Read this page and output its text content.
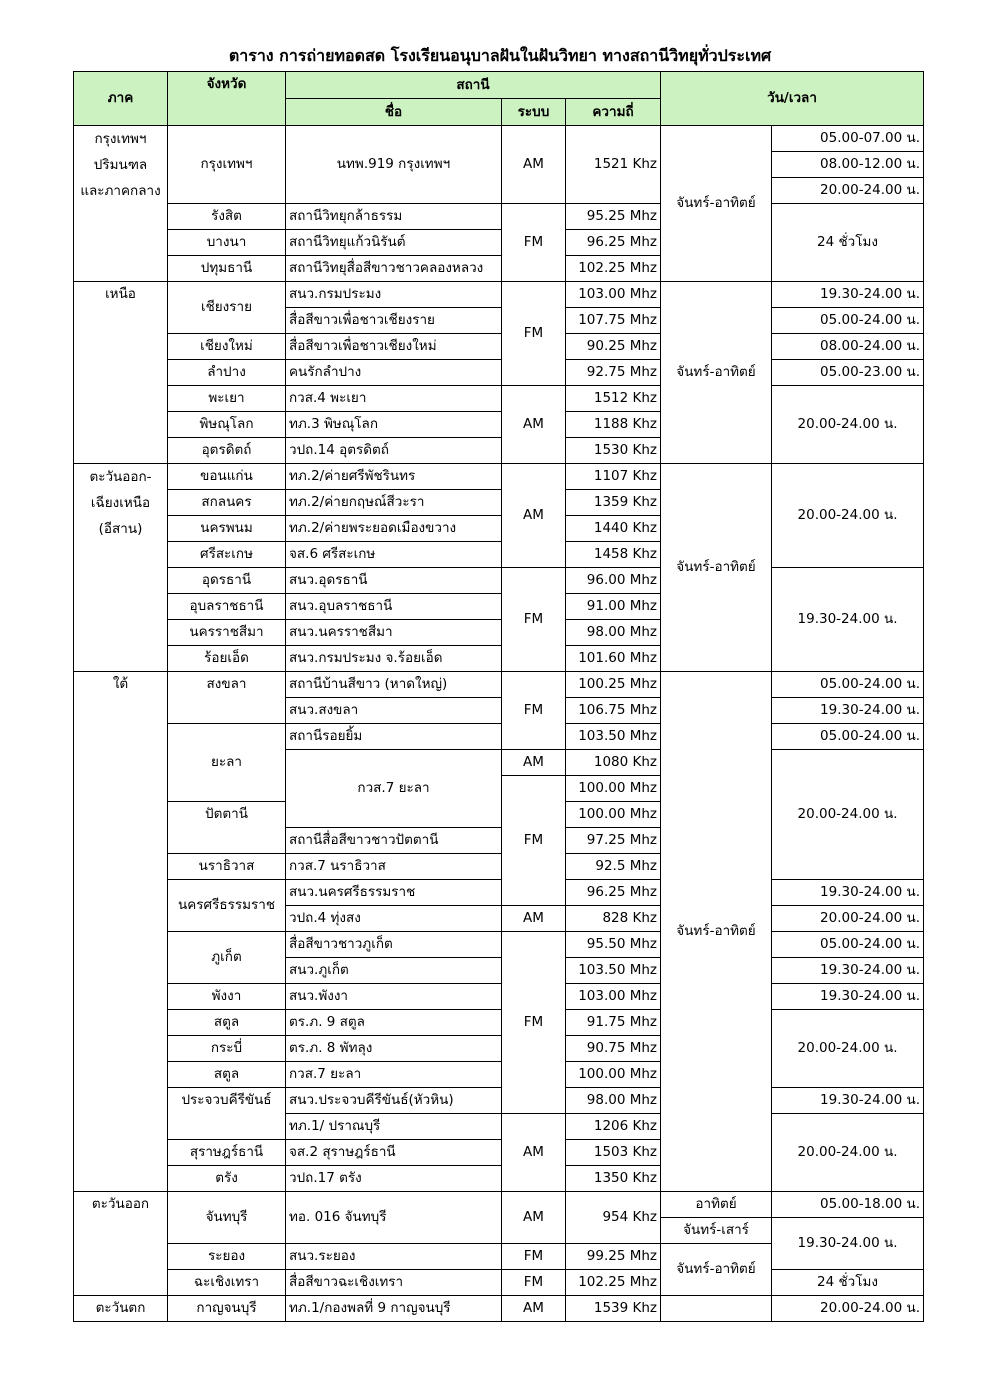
ตาราง การถ่ายทอดสด โรงเรียนอนุบาลฝันในฝันวิทยา ทางสถานีวิทยุทั่วประเทศ
ภาค	จังหวัด	สถานี			วัน/เวลา	
		ชื่อ	ระบบ	ความถี่		

กรุงเทพฯ
ปริมนฑล
และภาคกลาง	กรุงเทพฯ	นทพ.919 กรุงเทพฯ	AM	1521 Khz	จันทร์-อาทิตย์	05.00-07.00 น.
						08.00-12.00 น.
						20.00-24.00 น.
	รังสิต	สถานีวิทยุกล้าธรรม	FM	95.25 Mhz		24 ชั่วโมง
	บางนา	สถานีวิทยุแก้วนิรันต์		96.25 Mhz		
	ปทุมธานี	สถานีวิทยุสื่อสีขาวชาวคลองหลวง		102.25 Mhz		
เหนือ	เชียงราย	สนว.กรมประมง	FM	103.00 Mhz	จันทร์-อาทิตย์	19.30-24.00 น.
		สื่อสีขาวเพื่อชาวเชียงราย		107.75 Mhz		05.00-24.00 น.
	เชียงใหม่	สื่อสีขาวเพื่อชาวเชียงใหม่		90.25 Mhz		08.00-24.00 น.
	ลำปาง	คนรักลำปาง		92.75 Mhz		05.00-23.00 น.
	พะเยา	กวส.4 พะเยา	AM	1512 Khz		20.00-24.00 น.
	พิษณุโลก	ทภ.3 พิษณุโลก		1188 Khz		
	อุตรดิตถ์	วปถ.14 อุตรดิตถ์		1530 Khz		

ตะวันออก-
เฉียงเหนือ
(อีสาน)	ขอนแก่น	ทภ.2/ค่ายศรีพัชรินทร	AM	1107 Khz	จันทร์-อาทิตย์	20.00-24.00 น.
	สกลนคร	ทภ.2/ค่ายกฤษณ์สีวะรา		1359 Khz		
	นครพนม	ทภ.2/ค่ายพระยอดเมืองขวาง		1440 Khz		
	ศรีสะเกษ	จส.6 ศรีสะเกษ		1458 Khz		
	อุดรธานี	สนว.อุดรธานี	FM	96.00 Mhz		19.30-24.00 น.
	อุบลราชธานี	สนว.อุบลราชธานี		91.00 Mhz		
	นครราชสีมา	สนว.นครราชสีมา		98.00 Mhz		
	ร้อยเอ็ด	สนว.กรมประมง จ.ร้อยเอ็ด		101.60 Mhz		
ใต้	สงขลา	สถานีบ้านสีขาว (หาดใหญ่)	FM	100.25 Mhz	จันทร์-อาทิตย์	05.00-24.00 น.
		สนว.สงขลา		106.75 Mhz		19.30-24.00 น.
	ยะลา	สถานีรอยยิ้ม		103.50 Mhz		05.00-24.00 น.
		กวส.7 ยะลา	AM	1080 Khz		20.00-24.00 น.
			FM	100.00 Mhz		
	ปัตตานี			100.00 Mhz		
		สถานีสื่อสีขาวชาวปัตตานี		97.25 Mhz		
	นราธิวาส	กวส.7 นราธิวาส		92.5 Mhz		
	นครศรีธรรมราช	สนว.นครศรีธรรมราช		96.25 Mhz		19.30-24.00 น.
		วปถ.4 ทุ่งสง	AM	828 Khz		20.00-24.00 น.
	ภูเก็ต	สื่อสีขาวชาวภูเก็ต	FM	95.50 Mhz		05.00-24.00 น.
		สนว.ภูเก็ต		103.50 Mhz		19.30-24.00 น.
	พังงา	สนว.พังงา		103.00 Mhz		19.30-24.00 น.
	สตูล	ตร.ภ. 9 สตูล		91.75 Mhz		20.00-24.00 น.
	กระบี่	ตร.ภ. 8 พัทลุง		90.75 Mhz		
	สตูล	กวส.7 ยะลา		100.00 Mhz		
	ประจวบคีรีขันธ์	สนว.ประจวบคีรีขันธ์(หัวหิน)		98.00 Mhz		19.30-24.00 น.
		ทภ.1/ ปราณบุรี	AM	1206 Khz		20.00-24.00 น.
	สุราษฎร์ธานี	จส.2 สุราษฎร์ธานี		1503 Khz		
	ตรัง	วปถ.17 ตรัง		1350 Khz		
ตะวันออก	จันทบุรี	ทอ. 016 จันทบุรี	AM	954 Khz	อาทิตย์	05.00-18.00 น.
					จันทร์-เสาร์	19.30-24.00 น.
	ระยอง	สนว.ระยอง	FM	99.25 Mhz	จันทร์-อาทิตย์	
	ฉะเชิงเทรา	สื่อสีขาวฉะเชิงเทรา	FM	102.25 Mhz		24 ชั่วโมง
ตะวันตก	กาญจนบุรี	ทภ.1/กองพลที่ 9 กาญจนบุรี	AM	1539 Khz		20.00-24.00 น.
